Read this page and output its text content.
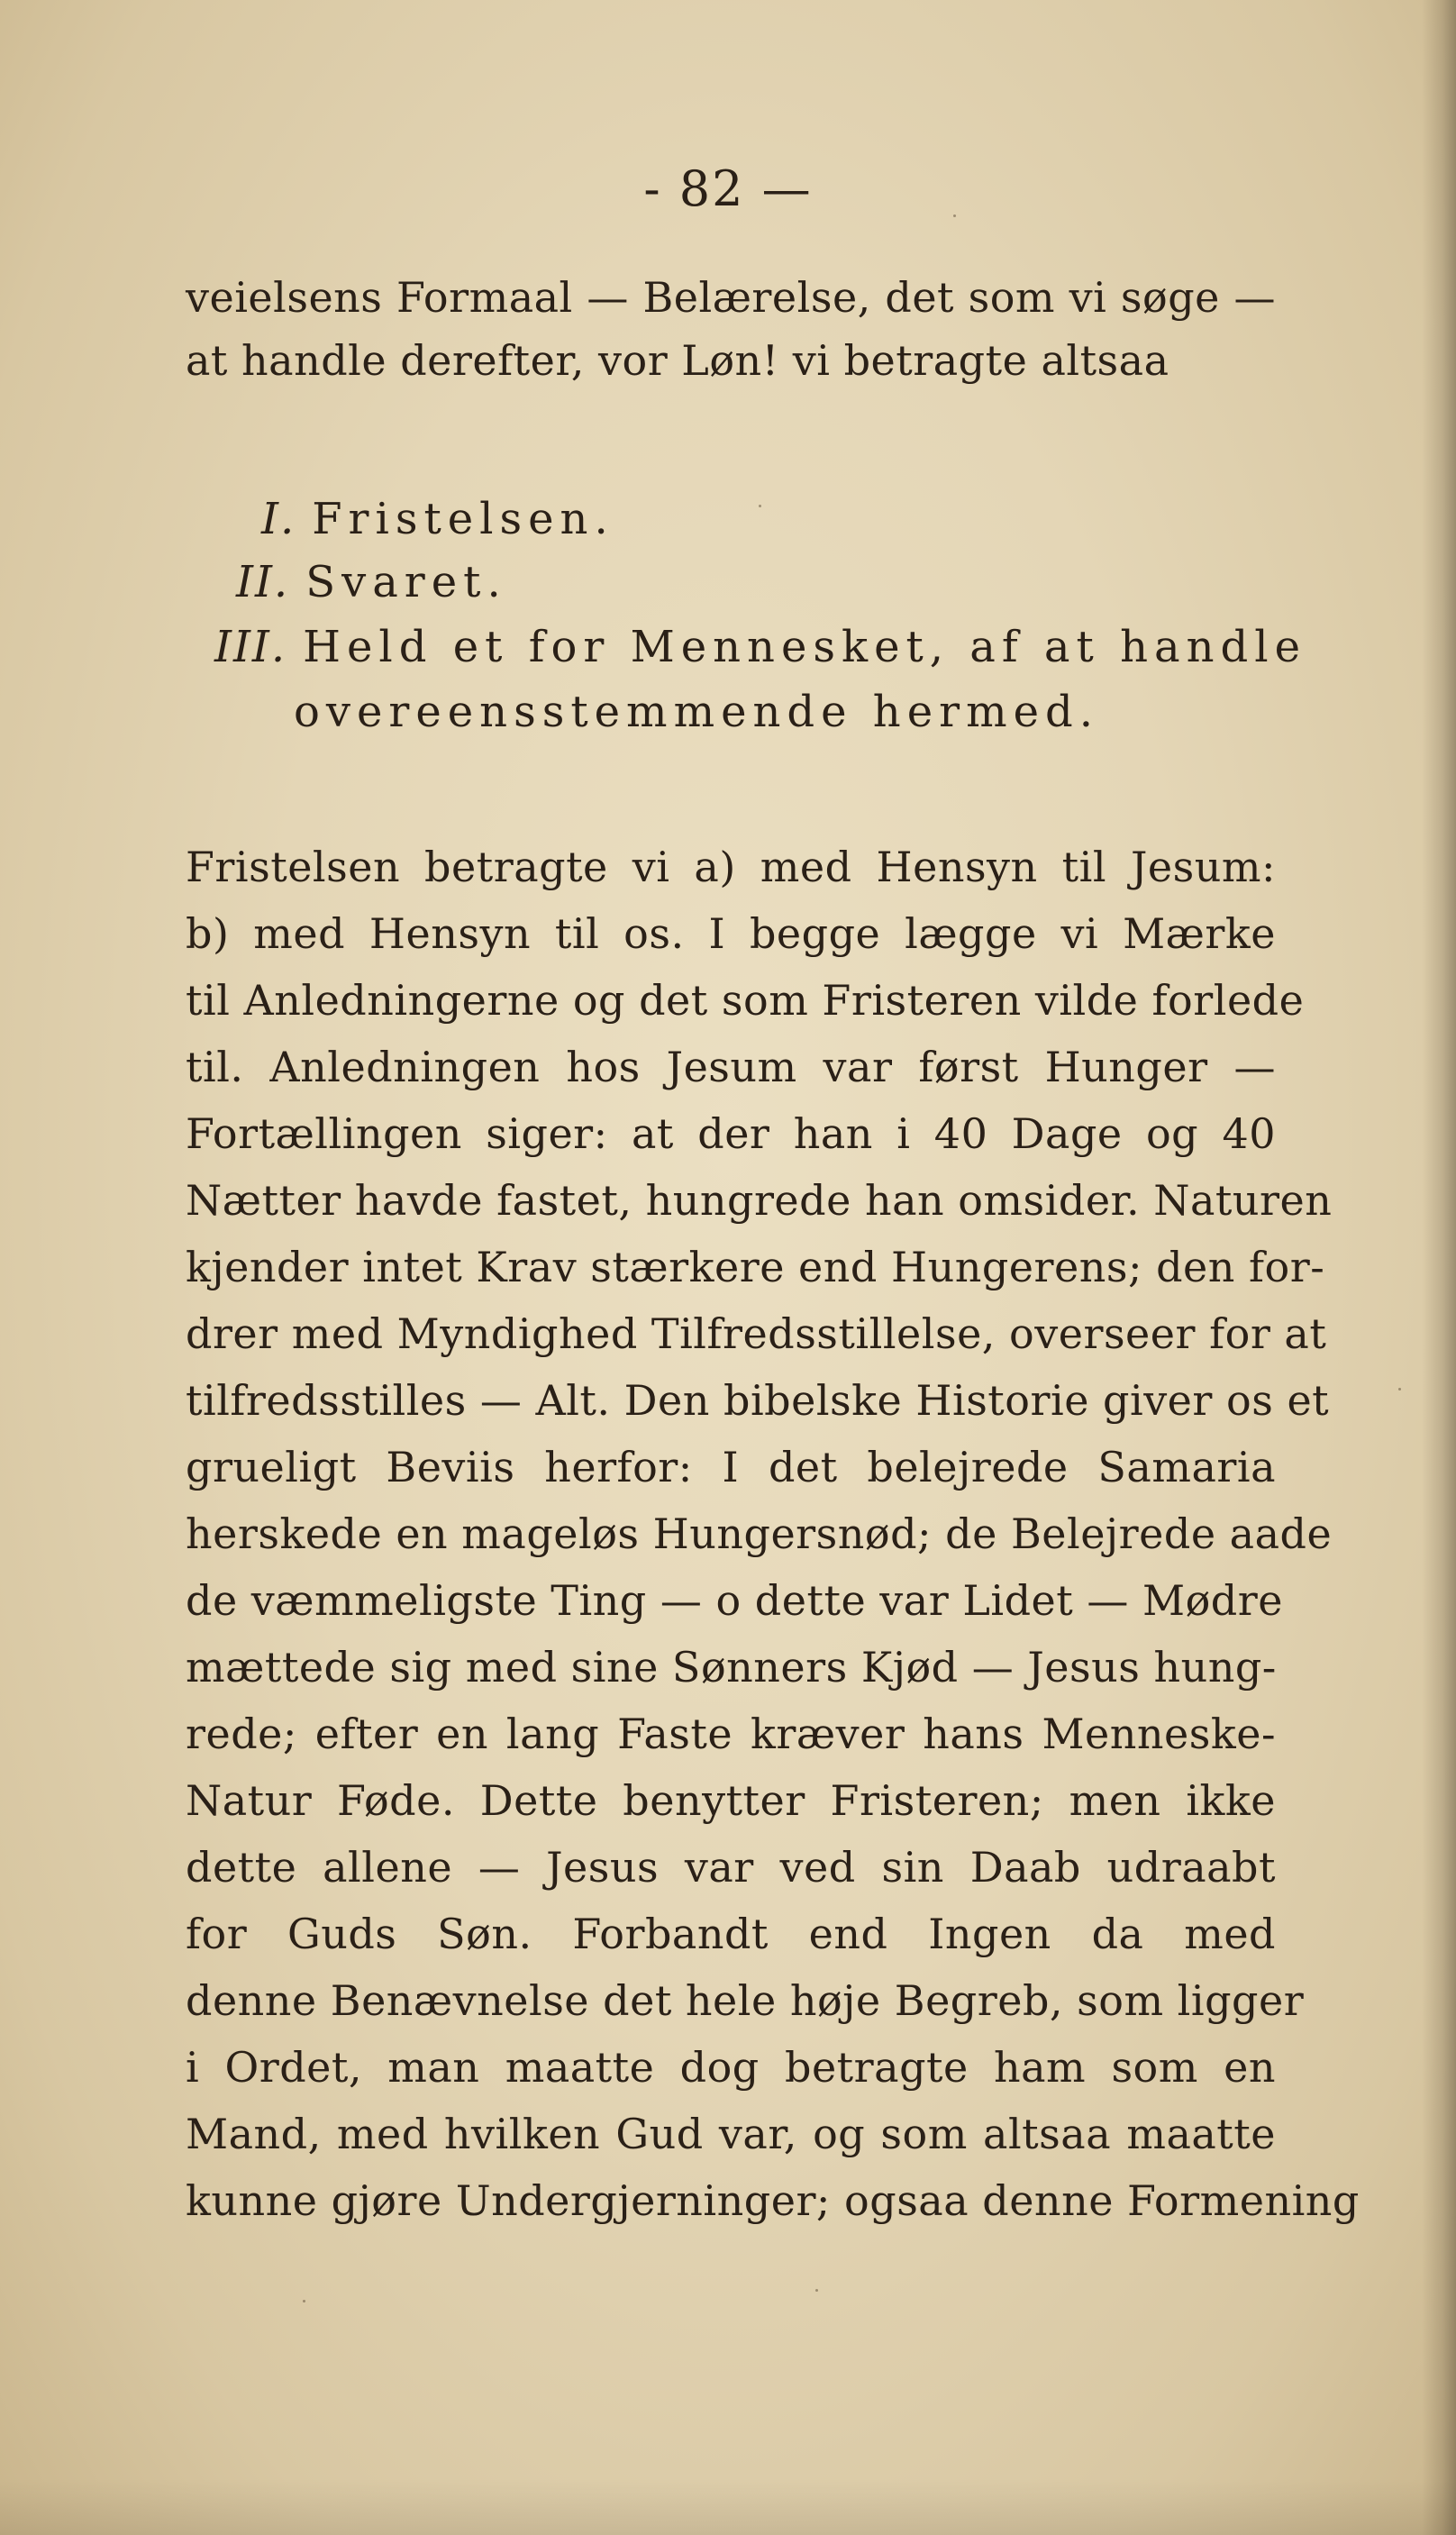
- 82 —
veielsens Formaal — Belærelse, det som vi søge —
at handle derefter, vor Løn! vi betragte altsaa
I. Fristelsen.
II. Svaret.
III. Held et for Mennesket, af at handle
overeensstemmende hermed.
Fristelsen betragte vi a) med Hensyn til Jesum:
b) med Hensyn til os. I begge lægge vi Mærke
til Anledningerne og det som Fristeren vilde forlede
til. Anledningen hos Jesum var først Hunger —
Fortællingen siger: at der han i 40 Dage og 40
Nætter havde fastet, hungrede han omsider. Naturen
kjender intet Krav stærkere end Hungerens; den for-
drer med Myndighed Tilfredsstillelse, overseer for at
tilfredsstilles — Alt. Den bibelske Historie giver os et
grueligt Beviis herfor: I det belejrede Samaria
herskede en mageløs Hungersnød; de Belejrede aade
de væmmeligste Ting — o dette var Lidet — Mødre
mættede sig med sine Sønners Kjød — Jesus hung-
rede; efter en lang Faste kræver hans Menneske-
Natur Føde. Dette benytter Fristeren; men ikke
dette allene — Jesus var ved sin Daab udraabt
for Guds Søn. Forbandt end Ingen da med
denne Benævnelse det hele høje Begreb, som ligger
i Ordet, man maatte dog betragte ham som en
Mand, med hvilken Gud var, og som altsaa maatte
kunne gjøre Undergjerninger; ogsaa denne Formening
